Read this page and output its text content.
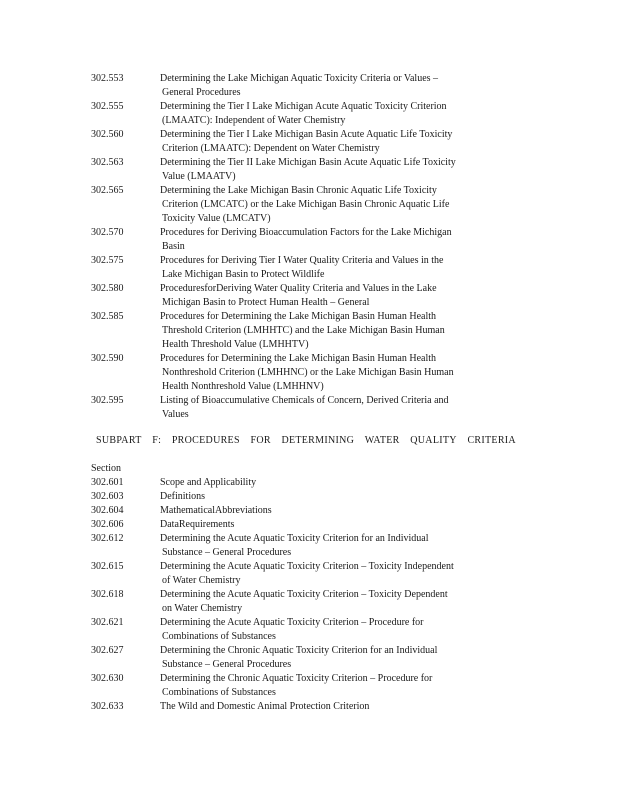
302.553	Determining the Lake Michigan Aquatic Toxicity Criteria or Values –
General Procedures
302.555	Determining the Tier I Lake Michigan Acute Aquatic Toxicity Criterion
(LMAATC): Independent of Water Chemistry
302.560	Determining the Tier I Lake Michigan Basin Acute Aquatic Life Toxicity
Criterion (LMAATC): Dependent on Water Chemistry
302.563	Determining the Tier II Lake Michigan Basin Acute Aquatic Life Toxicity
Value (LMAATV)
302.565	Determining the Lake Michigan Basin Chronic Aquatic Life Toxicity
Criterion (LMCATC) or the Lake Michigan Basin Chronic Aquatic Life
Toxicity Value (LMCATV)
302.570	Procedures for Deriving Bioaccumulation Factors for the Lake Michigan
Basin
302.575	Procedures for Deriving Tier I Water Quality Criteria and Values in the
Lake Michigan Basin to Protect Wildlife
302.580	ProceduresforDeriving Water Quality Criteria and Values in the Lake
Michigan Basin to Protect Human Health – General
302.585	Procedures for Determining the Lake Michigan Basin Human Health
Threshold Criterion (LMHHTC) and the Lake Michigan Basin Human
Health Threshold Value (LMHHTV)
302.590	Procedures for Determining the Lake Michigan Basin Human Health
Nonthreshold Criterion (LMHHNC) or the Lake Michigan Basin Human
Health Nonthreshold Value (LMHHNV)
302.595	Listing of Bioaccumulative Chemicals of Concern, Derived Criteria and
Values
SUBPART F: PROCEDURES FOR DETERMINING WATER QUALITY CRITERIA
Section
302.601	Scope and Applicability
302.603	Definitions
302.604	MathematicalAbbreviations
302.606	DataRequirements
302.612	Determining the Acute Aquatic Toxicity Criterion for an Individual
Substance – General Procedures
302.615	Determining the Acute Aquatic Toxicity Criterion – Toxicity Independent
of Water Chemistry
302.618	Determining the Acute Aquatic Toxicity Criterion – Toxicity Dependent
on Water Chemistry
302.621	Determining the Acute Aquatic Toxicity Criterion – Procedure for
Combinations of Substances
302.627	Determining the Chronic Aquatic Toxicity Criterion for an Individual
Substance – General Procedures
302.630	Determining the Chronic Aquatic Toxicity Criterion – Procedure for
Combinations of Substances
302.633	The Wild and Domestic Animal Protection Criterion
